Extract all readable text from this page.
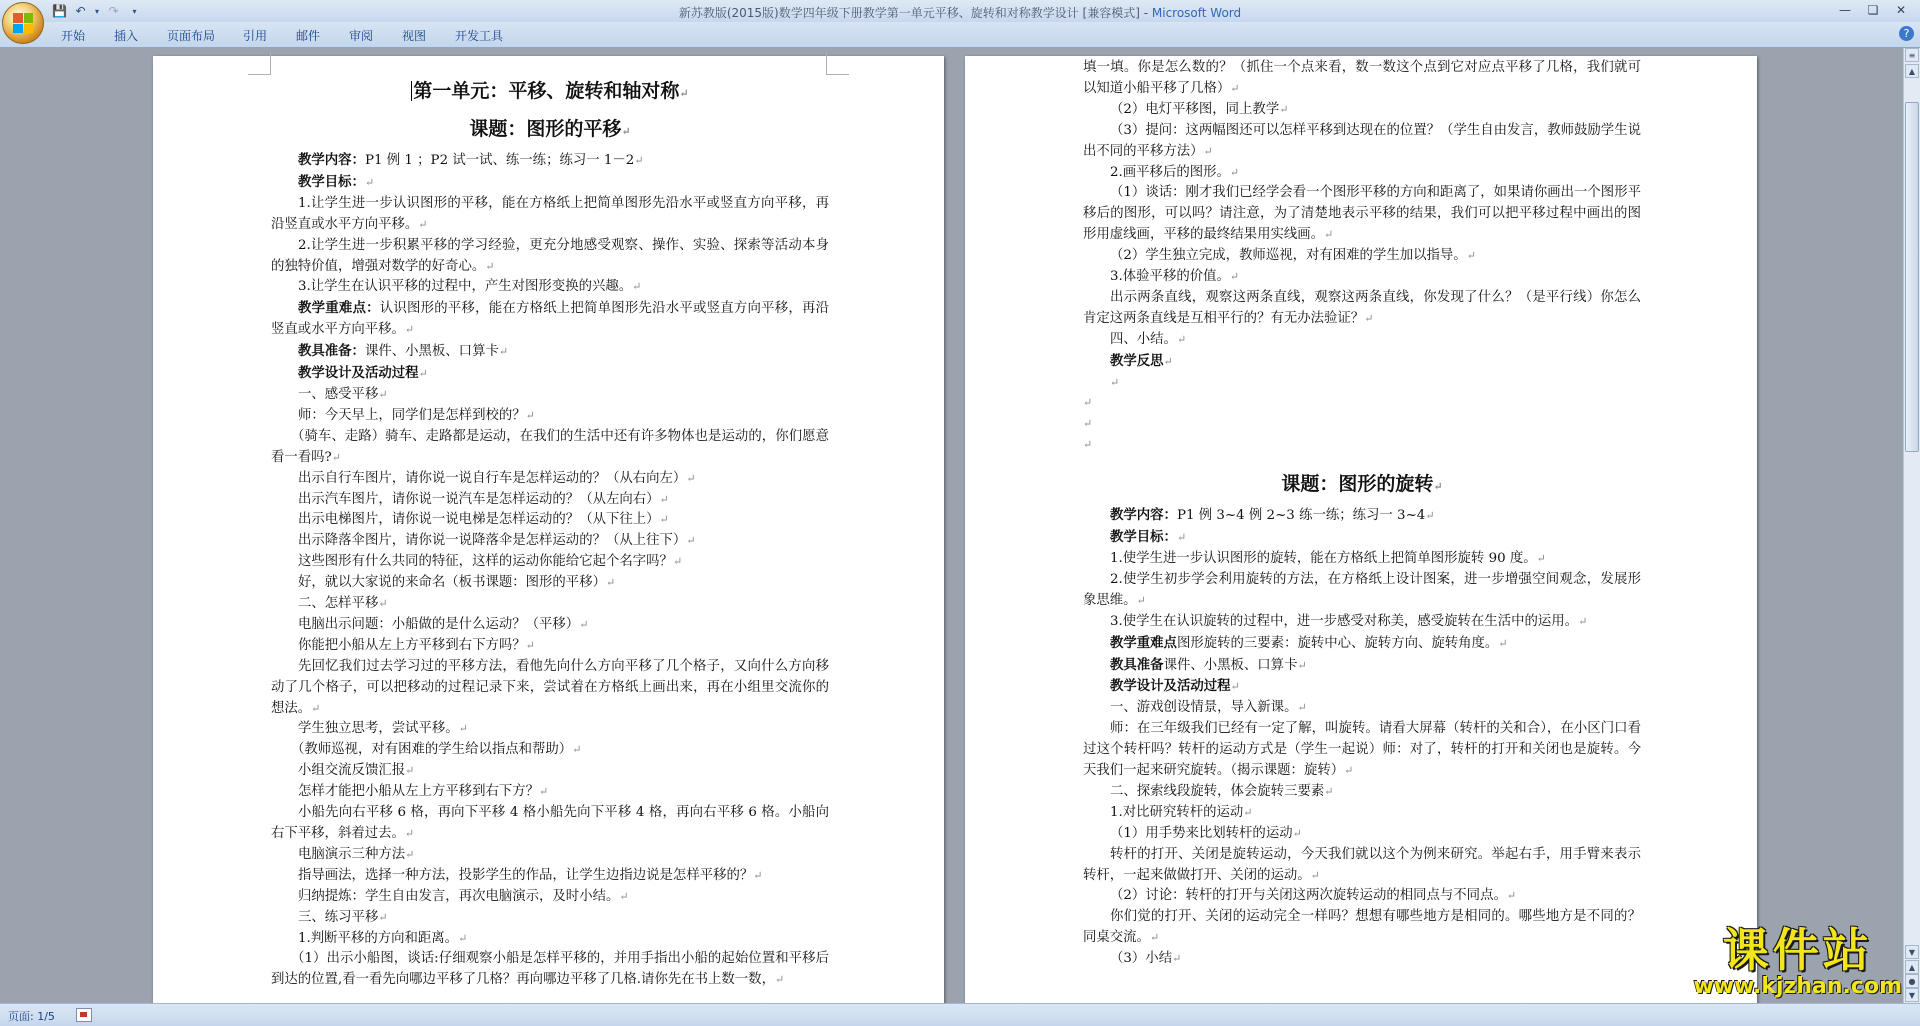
新苏教版(2015版)数学四年级下册教学第一单元平移、旋转和对称教学设计 [兼容模式] - Microsoft Word
💾 ↶	▾ ↷	▾	—	❏	✕
开始 插入 页面布局 引用 邮件 审阅 视图 开发工具	?

第一单元：平移、旋转和轴对称↵

课题：图形的平移↵

教学内容：P1 例 1 ；P2 试一试、练一练；练习一 1－2↵

教学目标：↵

1.让学生进一步认识图形的平移，能在方格纸上把简单图形先沿水平或竖直方向平移，再沿竖直或水平方向平移。↵

2.让学生进一步积累平移的学习经验，更充分地感受观察、操作、实验、探索等活动本身的独特价值，增强对数学的好奇心。↵

3.让学生在认识平移的过程中，产生对图形变换的兴趣。↵

教学重难点：认识图形的平移，能在方格纸上把简单图形先沿水平或竖直方向平移，再沿竖直或水平方向平移。↵

教具准备：课件、小黑板、口算卡↵

教学设计及活动过程↵

一、感受平移↵

师：今天早上，同学们是怎样到校的？↵

（骑车、走路）骑车、走路都是运动，在我们的生活中还有许多物体也是运动的，你们愿意看一看吗?↵

出示自行车图片，请你说一说自行车是怎样运动的？（从右向左）↵

出示汽车图片，请你说一说汽车是怎样运动的？（从左向右）↵

出示电梯图片，请你说一说电梯是怎样运动的？（从下往上）↵

出示降落伞图片，请你说一说降落伞是怎样运动的？（从上往下）↵

这些图形有什么共同的特征，这样的运动你能给它起个名字吗？↵

好，就以大家说的来命名（板书课题：图形的平移）↵

二、怎样平移↵

电脑出示问题：小船做的是什么运动？（平移）↵

你能把小船从左上方平移到右下方吗？↵

先回忆我们过去学习过的平移方法，看他先向什么方向平移了几个格子，又向什么方向移动了几个格子，可以把移动的过程记录下来，尝试着在方格纸上画出来，再在小组里交流你的想法。↵

学生独立思考，尝试平移。↵

（教师巡视，对有困难的学生给以指点和帮助）↵

小组交流反馈汇报↵

怎样才能把小船从左上方平移到右下方？↵

小船先向右平移 6 格，再向下平移 4 格小船先向下平移 4 格，再向右平移 6 格。小船向右下平移，斜着过去。↵

电脑演示三种方法↵

指导画法，选择一种方法，投影学生的作品，让学生边指边说是怎样平移的？↵

归纳提炼：学生自由发言，再次电脑演示，及时小结。↵

三、练习平移↵

1.判断平移的方向和距离。↵

（1）出示小船图，谈话:仔细观察小船是怎样平移的，并用手指出小船的起始位置和平移后到达的位置,看一看先向哪边平移了几格？再向哪边平移了几格.请你先在书上数一数，↵

填一填。你是怎么数的？（抓住一个点来看，数一数这个点到它对应点平移了几格，我们就可以知道小船平移了几格）↵

（2）电灯平移图，同上教学↵

（3）提问：这两幅图还可以怎样平移到达现在的位置？（学生自由发言，教师鼓励学生说出不同的平移方法）↵

2.画平移后的图形。↵

（1）谈话：刚才我们已经学会看一个图形平移的方向和距离了，如果请你画出一个图形平移后的图形，可以吗？请注意，为了清楚地表示平移的结果，我们可以把平移过程中画出的图形用虚线画，平移的最终结果用实线画。↵

（2）学生独立完成，教师巡视，对有困难的学生加以指导。↵

3.体验平移的价值。↵

出示两条直线，观察这两条直线，观察这两条直线，你发现了什么？（是平行线）你怎么肯定这两条直线是互相平行的？有无办法验证？↵

四、小结。↵

教学反思↵

↵

↵

↵

↵

课题：图形的旋转↵

教学内容：P1 例 3~4 例 2~3 练一练；练习一 3~4↵

教学目标：↵

1.使学生进一步认识图形的旋转，能在方格纸上把简单图形旋转 90 度。↵

2.使学生初步学会利用旋转的方法，在方格纸上设计图案，进一步增强空间观念，发展形象思维。↵

3.使学生在认识旋转的过程中，进一步感受对称美，感受旋转在生活中的运用。↵

教学重难点图形旋转的三要素：旋转中心、旋转方向、旋转角度。↵

教具准备课件、小黑板、口算卡↵

教学设计及活动过程↵

一、游戏创设情景，导入新课。↵

师：在三年级我们已经有一定了解，叫旋转。请看大屏幕（转杆的关和合），在小区门口看过这个转杆吗？转杆的运动方式是（学生一起说）师：对了，转杆的打开和关闭也是旋转。今天我们一起来研究旋转。（揭示课题：旋转）↵

二、探索线段旋转，体会旋转三要素↵

1.对比研究转杆的运动↵

（1）用手势来比划转杆的运动↵

转杆的打开、关闭是旋转运动，今天我们就以这个为例来研究。举起右手，用手臂来表示转杆，一起来做做打开、关闭的运动。↵

（2）讨论：转杆的打开与关闭这两次旋转运动的相同点与不同点。↵

你们觉的打开、关闭的运动完全一样吗？想想有哪些地方是相同的。哪些地方是不同的？同桌交流。↵

（3）小结↵

≡
▲
▼
▲
●
▼
页面: 1/5
课件站
www.kjzhan.com
